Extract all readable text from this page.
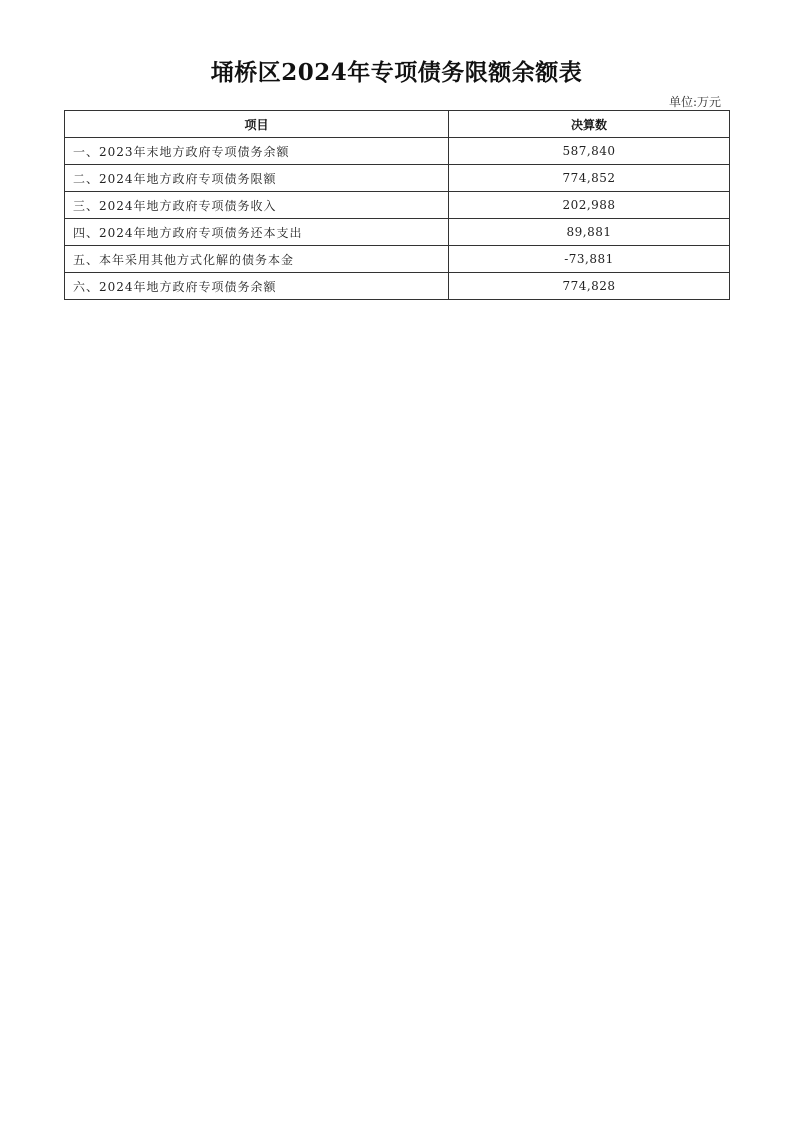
埇桥区2024年专项债务限额余额表
单位:万元
项目	决算数
一、2023年末地方政府专项债务余额	587,840
二、2024年地方政府专项债务限额	774,852
三、2024年地方政府专项债务收入	202,988
四、2024年地方政府专项债务还本支出	89,881
五、本年采用其他方式化解的债务本金	-73,881
六、2024年地方政府专项债务余额	774,828
